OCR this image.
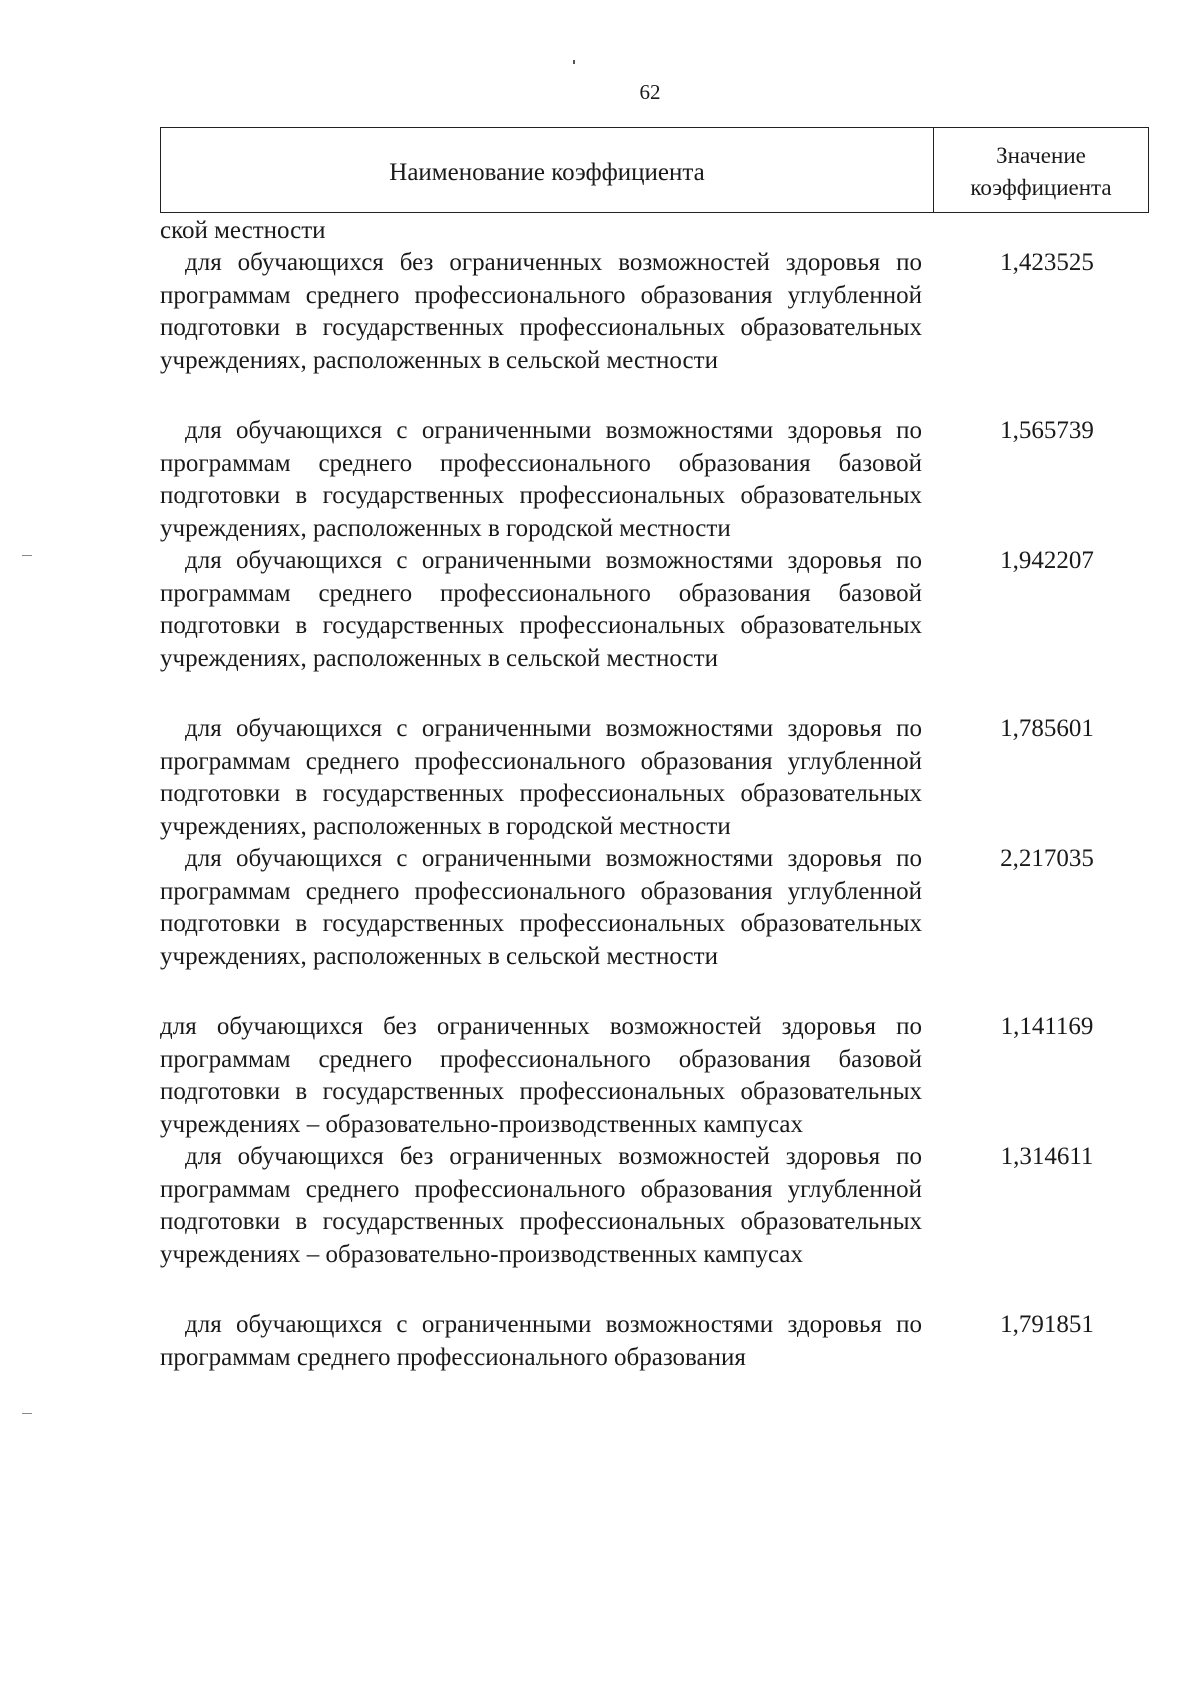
62
Наименование коэффициента
Значение коэффициента
ской местности
для обучающихся без ограниченных возможностей здоровья по программам среднего профессионального образования углубленной подготовки в государственных профессиональных образовательных учреждениях, расположенных в сельской местности
1,423525
для обучающихся с ограниченными возможностями здоровья по программам среднего профессионального образования базовой подготовки в государственных профессиональных образовательных учреждениях, расположенных в городской местности
1,565739
для обучающихся с ограниченными возможностями здоровья по программам среднего профессионального образования базовой подготовки в государственных профессиональных образовательных учреждениях, расположенных в сельской местности
1,942207
для обучающихся с ограниченными возможностями здоровья по программам среднего профессионального образования углубленной подготовки в государственных профессиональных образовательных учреждениях, расположенных в городской местности
1,785601
для обучающихся с ограниченными возможностями здоровья по программам среднего профессионального образования углубленной подготовки в государственных профессиональных образовательных учреждениях, расположенных в сельской местности
2,217035
для обучающихся без ограниченных возможностей здоровья по программам среднего профессионального образования базовой подготовки в государственных профессиональных образовательных учреждениях – образовательно-производственных кампусах
1,141169
для обучающихся без ограниченных возможностей здоровья по программам среднего профессионального образования углубленной подготовки в государственных профессиональных образовательных учреждениях – образовательно-производственных кампусах
1,314611
для обучающихся с ограниченными возможностями здоровья по программам среднего профессионального образования
1,791851
